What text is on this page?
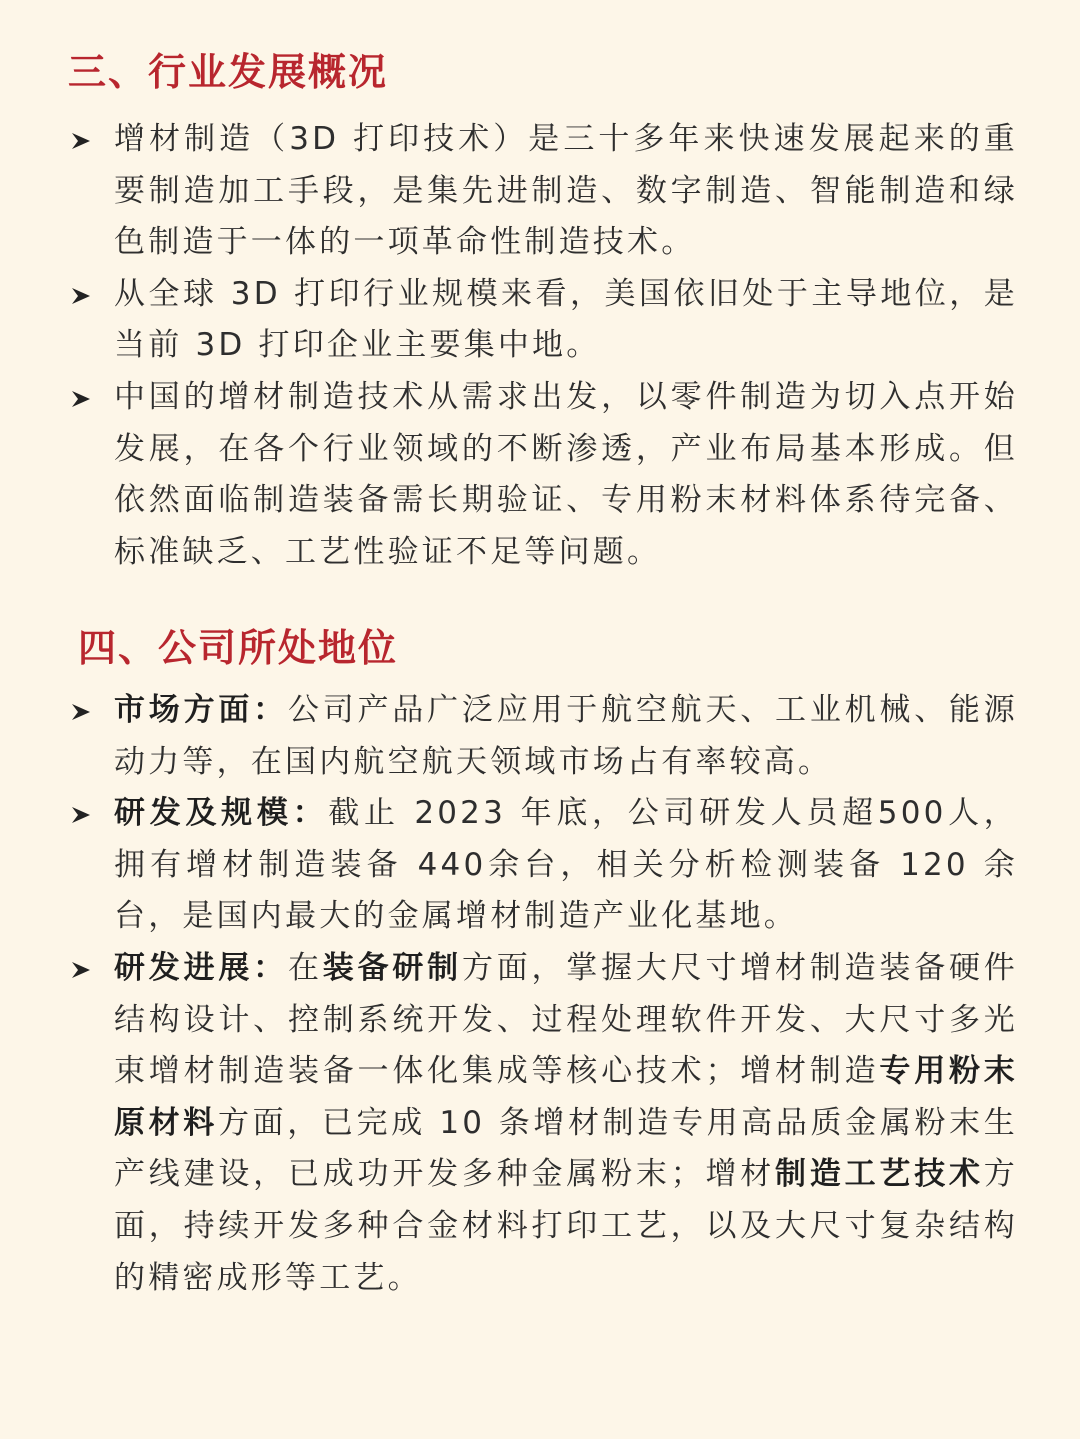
三、行业发展概况
增材制造（3D 打印技术）是三十多年来快速发展起来的重要制造加工手段，是集先进制造、数字制造、智能制造和绿色制造于一体的一项革命性制造技术。
从全球 3D 打印行业规模来看，美国依旧处于主导地位，是当前 3D 打印企业主要集中地。
中国的增材制造技术从需求出发，以零件制造为切入点开始发展，在各个行业领域的不断渗透，产业布局基本形成。但依然面临制造装备需长期验证、专用粉末材料体系待完备、标准缺乏、工艺性验证不足等问题。
四、公司所处地位
市场方面：公司产品广泛应用于航空航天、工业机械、能源动力等，在国内航空航天领域市场占有率较高。
研发及规模：截止 2023 年底，公司研发人员超500人，拥有增材制造装备 440余台，相关分析检测装备 120 余台，是国内最大的金属增材制造产业化基地。
研发进展：在装备研制方面，掌握大尺寸增材制造装备硬件结构设计、控制系统开发、过程处理软件开发、大尺寸多光束增材制造装备一体化集成等核心技术；增材制造专用粉末原材料方面，已完成 10 条增材制造专用高品质金属粉末生产线建设，已成功开发多种金属粉末；增材制造工艺技术方面，持续开发多种合金材料打印工艺，以及大尺寸复杂结构的精密成形等工艺。
